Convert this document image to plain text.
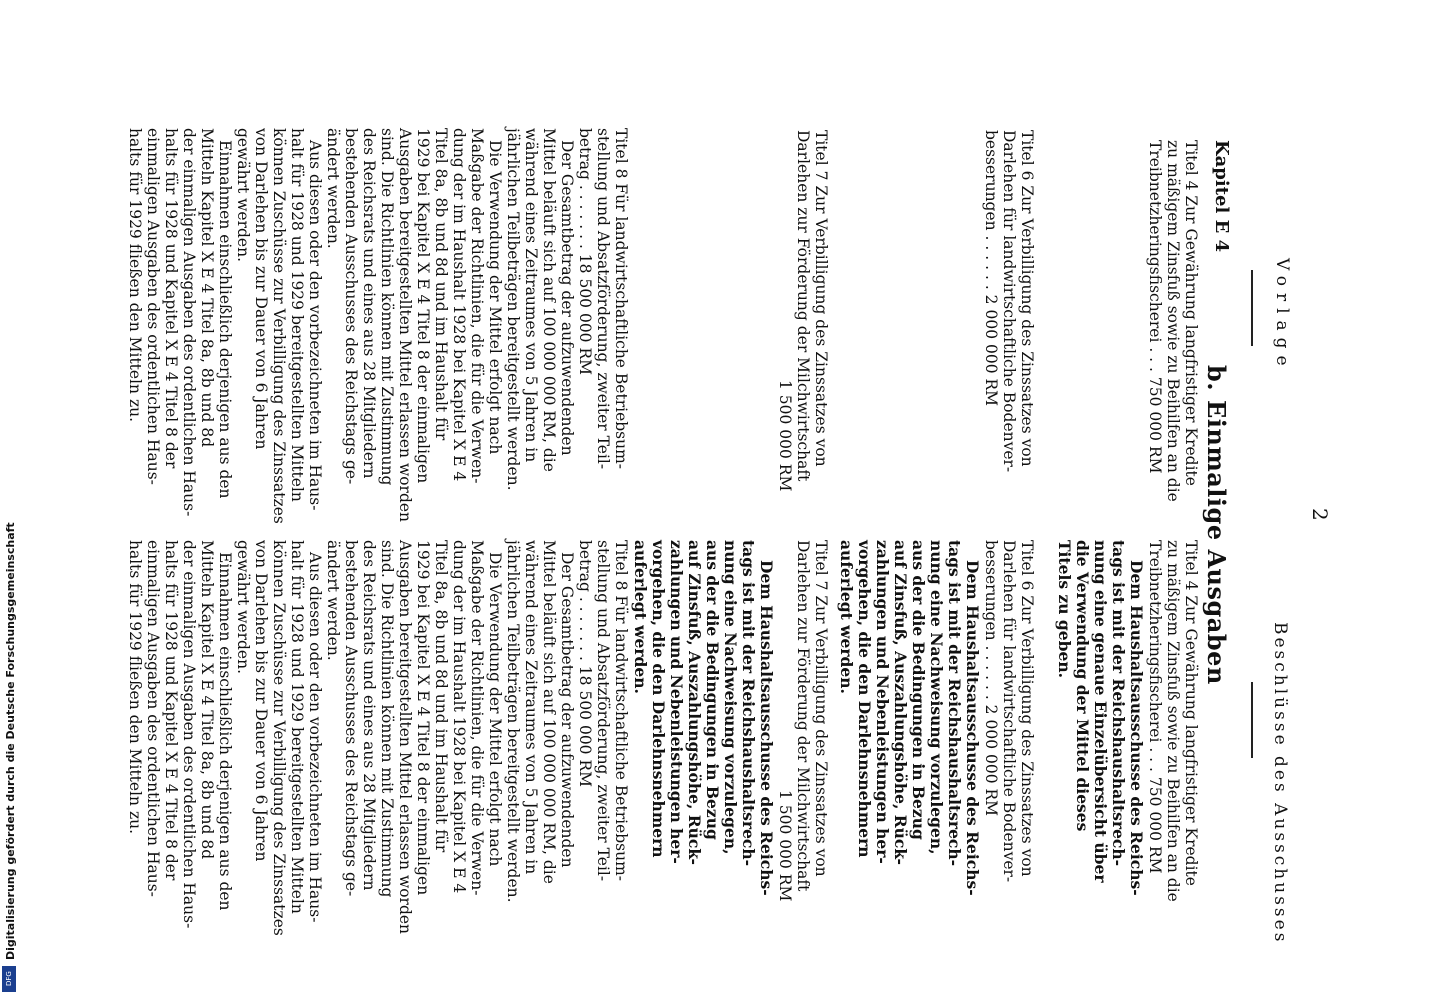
Vorlage
Beschlüsse des Ausschusses
2
b. Einmalige Ausgaben
Kapitel E 4
Titel 4 Zur Gewährung langfristiger Kredite
zu mäßigem Zinsfuß sowie zu Beihilfen an die
Treibnetzheringsfischerei . . . 750 000 RM
Titel 6 Zur Verbilligung des Zinssatzes von
Darlehen für landwirtschaftliche Bodenver-
besserungen . . . . . . 2 000 000 RM
Titel 7 Zur Verbilligung des Zinssatzes von
Darlehen zur Förderung der Milchwirtschaft
1 500 000 RM
Titel 8 Für landwirtschaftliche Betriebsum-
stellung und Absatzförderung, zweiter Teil-
betrag . . . . . . . 18 500 000 RM
Der Gesamtbetrag der aufzuwendenden
Mittel beläuft sich auf 100 000 000 RM, die
während eines Zeitraumes von 5 Jahren in
jährlichen Teilbeträgen bereitgestellt werden.
Die Verwendung der Mittel erfolgt nach
Maßgabe der Richtlinien, die für die Verwen-
dung der im Haushalt 1928 bei Kapitel X E 4
Titel 8a, 8b und 8d und im Haushalt für
1929 bei Kapitel X E 4 Titel 8 der einmaligen
Ausgaben bereitgestellten Mittel erlassen worden
sind. Die Richtlinien können mit Zustimmung
des Reichsrats und eines aus 28 Mitgliedern
bestehenden Ausschusses des Reichstags ge-
ändert werden.
Aus diesen oder den vorbezeichneten im Haus-
halt für 1928 und 1929 bereitgestellten Mitteln
können Zuschüsse zur Verbilligung des Zinssatzes
von Darlehen bis zur Dauer von 6 Jahren
gewährt werden.
Einnahmen einschließlich derjenigen aus den
Mitteln Kapitel X E 4 Titel 8a, 8b und 8d
der einmaligen Ausgaben des ordentlichen Haus-
halts für 1928 und Kapitel X E 4 Titel 8 der
einmaligen Ausgaben des ordentlichen Haus-
halts für 1929 fließen den Mitteln zu.
Titel 4 Zur Gewährung langfristiger Kredite
zu mäßigem Zinsfuß sowie zu Beihilfen an die
Treibnetzheringsfischerei . . . 750 000 RM
Dem Haushaltsausschusse des Reichs-
tags ist mit der Reichshaushaltsrech-
nung eine genaue Einzelübersicht über
die Verwendung der Mittel dieses
Titels zu geben.
Titel 6 Zur Verbilligung des Zinssatzes von
Darlehen für landwirtschaftliche Bodenver-
besserungen . . . . . . 2 000 000 RM
Dem Haushaltsausschusse des Reichs-
tags ist mit der Reichshaushaltsrech-
nung eine Nachweisung vorzulegen,
aus der die Bedingungen in Bezug
auf Zinsfuß, Auszahlungshöhe, Rück-
zahlungen und Nebenleistungen her-
vorgehen, die den Darlehnsnehmern
auferlegt werden.
Titel 7 Zur Verbilligung des Zinssatzes von
Darlehen zur Förderung der Milchwirtschaft
1 500 000 RM
Dem Haushaltsausschusse des Reichs-
tags ist mit der Reichshaushaltsrech-
nung eine Nachweisung vorzulegen,
aus der die Bedingungen in Bezug
auf Zinsfuß, Auszahlungshöhe, Rück-
zahlungen und Nebenleistungen her-
vorgehen, die den Darlehnsnehmern
auferlegt werden.
Titel 8 Für landwirtschaftliche Betriebsum-
stellung und Absatzförderung, zweiter Teil-
betrag . . . . . . . 18 500 000 RM
Der Gesamtbetrag der aufzuwendenden
Mittel beläuft sich auf 100 000 000 RM, die
während eines Zeitraumes von 5 Jahren in
jährlichen Teilbeträgen bereitgestellt werden.
Die Verwendung der Mittel erfolgt nach
Maßgabe der Richtlinien, die für die Verwen-
dung der im Haushalt 1928 bei Kapitel X E 4
Titel 8a, 8b und 8d und im Haushalt für
1929 bei Kapitel X E 4 Titel 8 der einmaligen
Ausgaben bereitgestellten Mittel erlassen worden
sind. Die Richtlinien können mit Zustimmung
des Reichsrats und eines aus 28 Mitgliedern
bestehenden Ausschusses des Reichstags ge-
ändert werden.
Aus diesen oder den vorbezeichneten im Haus-
halt für 1928 und 1929 bereitgestellten Mitteln
können Zuschüsse zur Verbilligung des Zinssatzes
von Darlehen bis zur Dauer von 6 Jahren
gewährt werden.
Einnahmen einschließlich derjenigen aus den
Mitteln Kapitel X E 4 Titel 8a, 8b und 8d
der einmaligen Ausgaben des ordentlichen Haus-
halts für 1928 und Kapitel X E 4 Titel 8 der
einmaligen Ausgaben des ordentlichen Haus-
halts für 1929 fließen den Mitteln zu.
Digitalisierung gefördert durch die Deutsche Forschungsgemeinschaft
DFG
